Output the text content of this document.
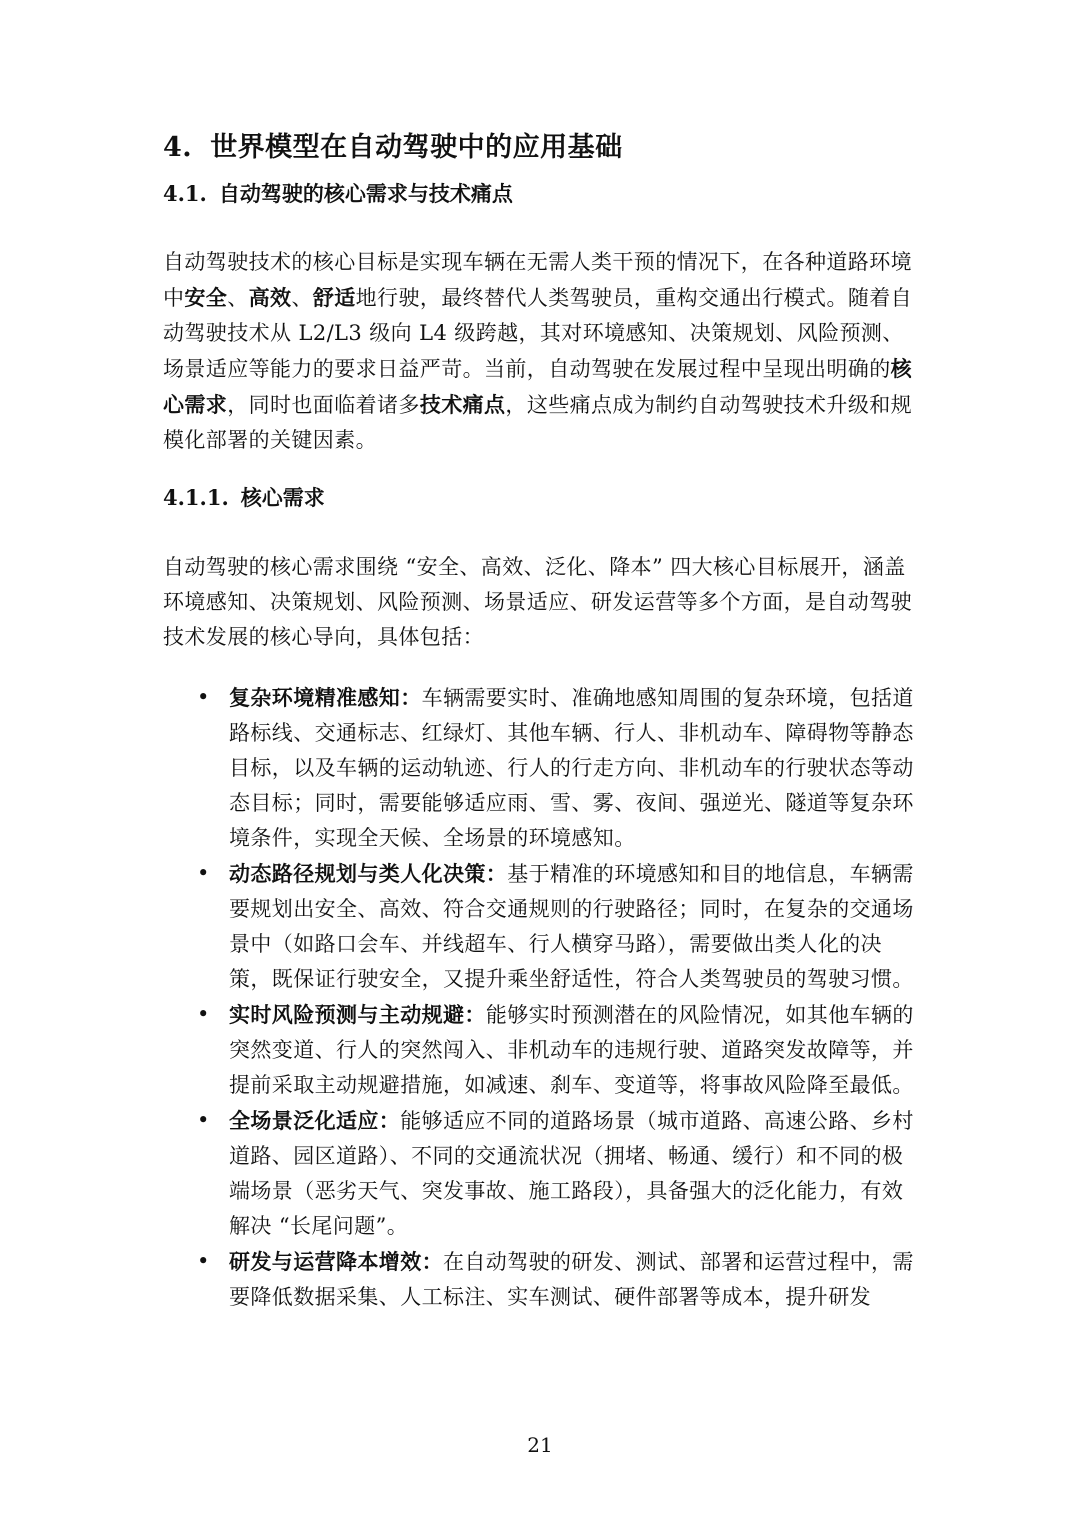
4. 世界模型在自动驾驶中的应用基础
4.1. 自动驾驶的核心需求与技术痛点
自动驾驶技术的核心目标是实现车辆在无需人类干预的情况下，在各种道路环境中安全、高效、舒适地行驶，最终替代人类驾驶员，重构交通出行模式。随着自动驾驶技术从 L2/L3 级向 L4 级跨越，其对环境感知、决策规划、风险预测、场景适应等能力的要求日益严苛。当前，自动驾驶在发展过程中呈现出明确的核心需求，同时也面临着诸多技术痛点，这些痛点成为制约自动驾驶技术升级和规模化部署的关键因素。
4.1.1. 核心需求
自动驾驶的核心需求围绕 “安全、高效、泛化、降本” 四大核心目标展开，涵盖环境感知、决策规划、风险预测、场景适应、研发运营等多个方面，是自动驾驶技术发展的核心导向，具体包括：
• 复杂环境精准感知：车辆需要实时、准确地感知周围的复杂环境，包括道路标线、交通标志、红绿灯、其他车辆、行人、非机动车、障碍物等静态目标，以及车辆的运动轨迹、行人的行走方向、非机动车的行驶状态等动态目标；同时，需要能够适应雨、雪、雾、夜间、强逆光、隧道等复杂环境条件，实现全天候、全场景的环境感知。
• 动态路径规划与类人化决策：基于精准的环境感知和目的地信息，车辆需要规划出安全、高效、符合交通规则的行驶路径；同时，在复杂的交通场景中（如路口会车、并线超车、行人横穿马路），需要做出类人化的决策，既保证行驶安全，又提升乘坐舒适性，符合人类驾驶员的驾驶习惯。
• 实时风险预测与主动规避：能够实时预测潜在的风险情况，如其他车辆的突然变道、行人的突然闯入、非机动车的违规行驶、道路突发故障等，并提前采取主动规避措施，如减速、刹车、变道等，将事故风险降至最低。
• 全场景泛化适应：能够适应不同的道路场景（城市道路、高速公路、乡村道路、园区道路）、不同的交通流状况（拥堵、畅通、缓行）和不同的极端场景（恶劣天气、突发事故、施工路段），具备强大的泛化能力，有效解决 “长尾问题”。
• 研发与运营降本增效：在自动驾驶的研发、测试、部署和运营过程中，需要降低数据采集、人工标注、实车测试、硬件部署等成本，提升研发
21
